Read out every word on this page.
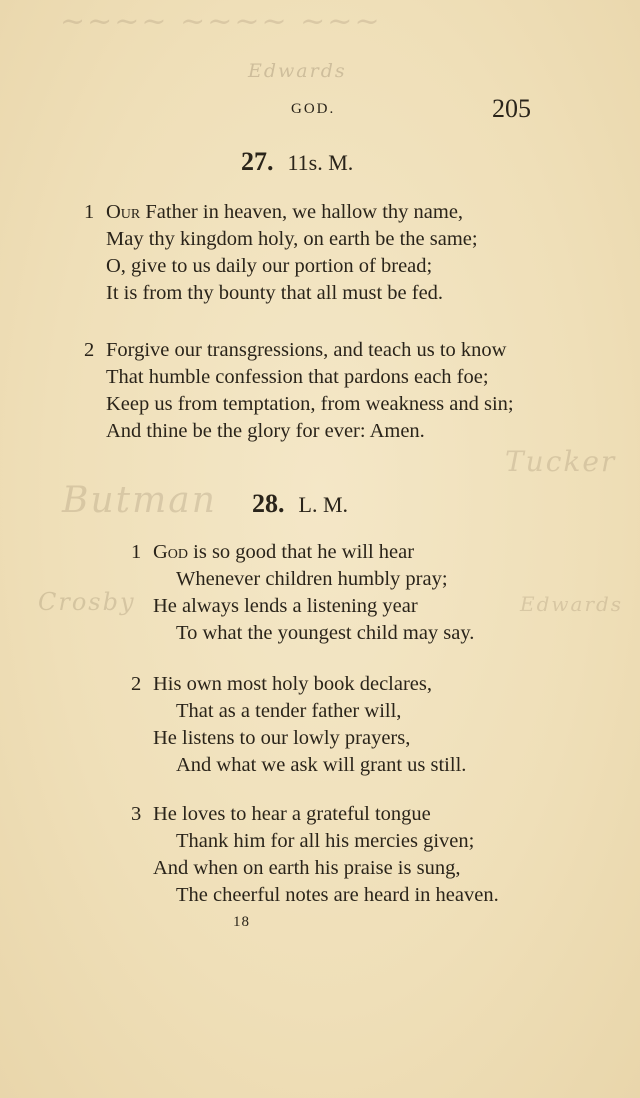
~~~~ ~~~~ ~~~
Edwards
Butman
Tucker
Crosby	Edwards
GOD.	205
27. 11s. M.
1 Our Father in heaven, we hallow thy name,
May thy kingdom holy, on earth be the same;
O, give to us daily our portion of bread;
It is from thy bounty that all must be fed.
2 Forgive our transgressions, and teach us to know
That humble confession that pardons each foe;
Keep us from temptation, from weakness and sin;
And thine be the glory for ever: Amen.
28. L. M.
1 God is so good that he will hear
Whenever children humbly pray;
He always lends a listening year
To what the youngest child may say.
2 His own most holy book declares,
That as a tender father will,
He listens to our lowly prayers,
And what we ask will grant us still.
3 He loves to hear a grateful tongue
Thank him for all his mercies given;
And when on earth his praise is sung,
The cheerful notes are heard in heaven.
18
